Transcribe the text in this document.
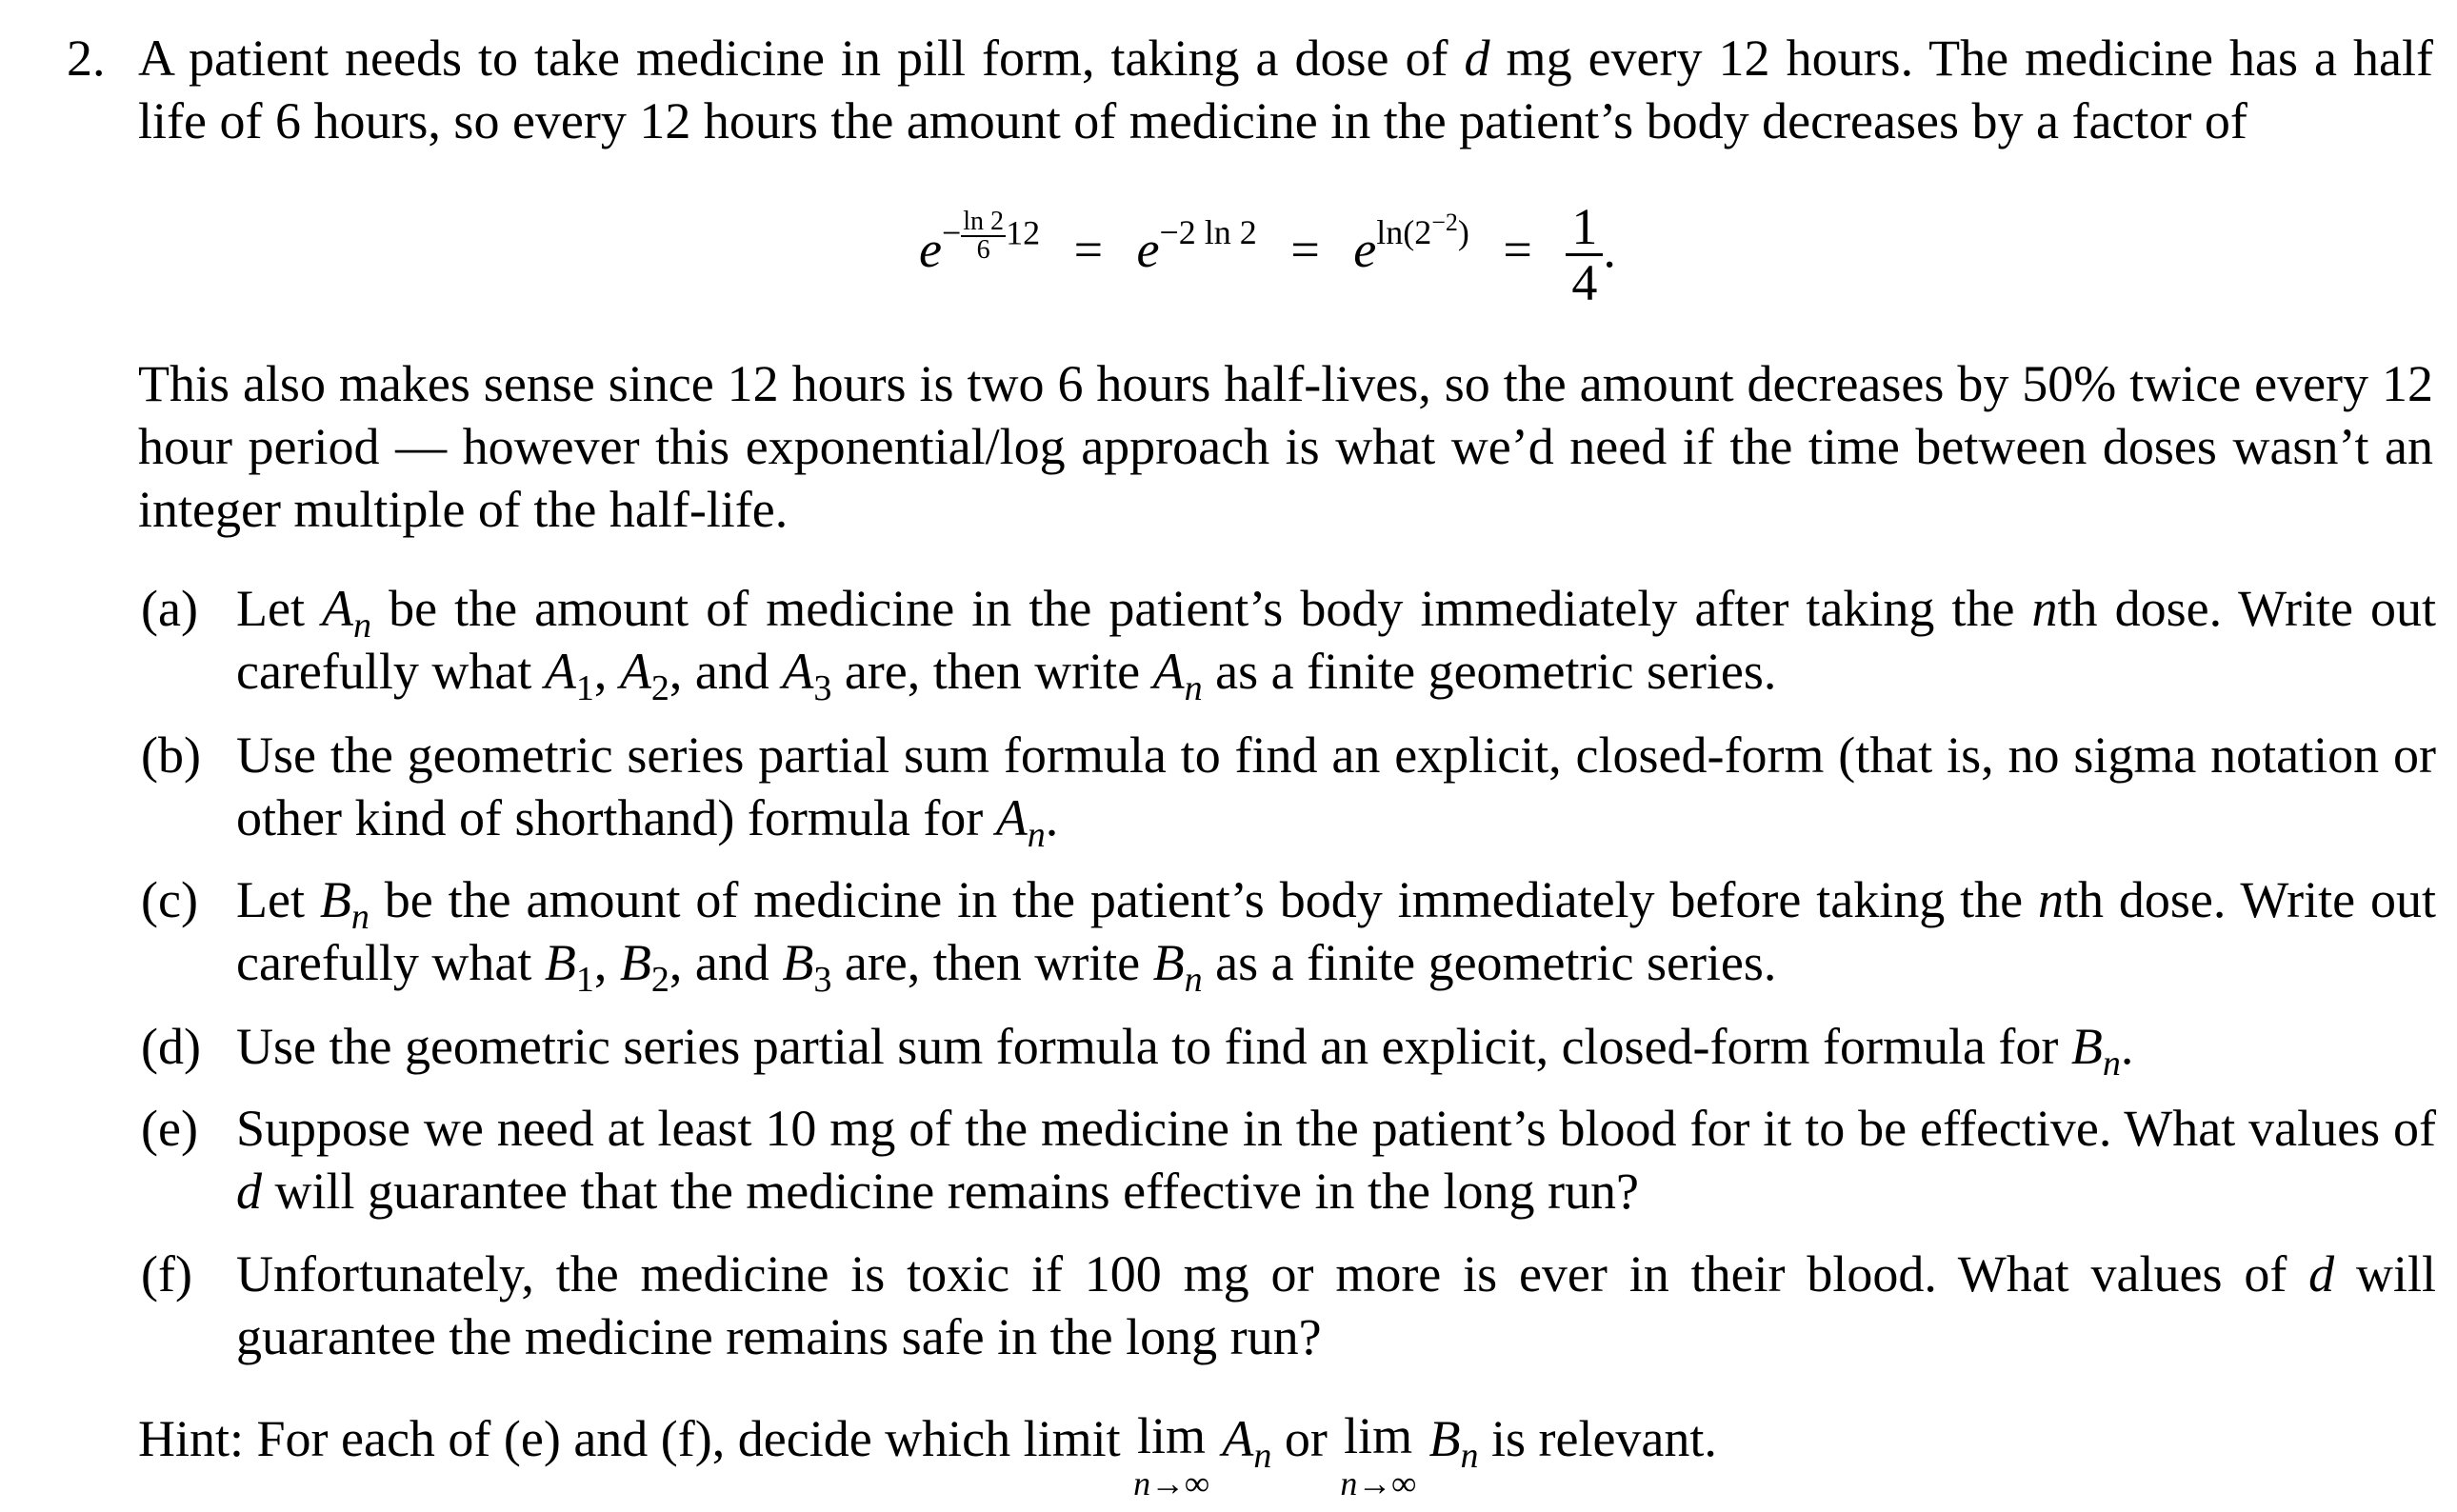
2. A patient needs to take medicine in pill form, taking a dose of d mg every 12 hours. The medicine has a half life of 6 hours, so every 12 hours the amount of medicine in the patient’s body decreases by a factor of
$e- \frac{\ln 2}{6} 12 = e-2$ $\ln 2 = eln(2^{-2}) = \frac{1}{4}$ .
This also makes sense since 12 hours is two 6 hours half-lives, so the amount decreases by 50% twice every 12 hour period — however this exponential/log approach is what we’d need if the time between doses wasn’t an integer multiple of the half-life.
(a) Let $A_n$ be the amount of medicine in the patient’s body immediately after taking the nth dose. Write out carefully what $A_1$, $A_2$, and $A_3$ are, then write $A_n$ as a finite geometric series.
(b) Use the geometric series partial sum formula to find an explicit, closed-form (that is, no sigma notation or other kind of shorthand) formula for $A_n$.
(c) Let $B_n$ be the amount of medicine in the patient’s body immediately before taking the nth dose. Write out carefully what $B_1$, $B_2$, and $B_3$ are, then write $B_n$ as a finite geometric series.
(d) Use the geometric series partial sum formula to find an explicit, closed-form formula for $B_n$.
(e) Suppose we need at least 10 mg of the medicine in the patient’s blood for it to be effective. What values of d will guarantee that the medicine remains effective in the long run?
(f) Unfortunately, the medicine is toxic if 100 mg or more is ever in their blood. What values of d will guarantee the medicine remains safe in the long run?
Hint: For each of (e) and (f), decide which limit lim
n→∞
$A_n$ or lim
n→∞
$B_n$ is relevant.
